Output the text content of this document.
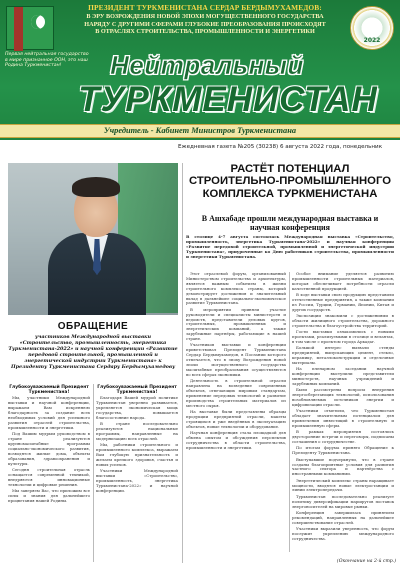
2022
ПРЕЗИДЕНТ ТУРКМЕНИСТАНА СЕРДАР БЕРДЫМУХАМЕДОВ:
В ЭРУ ВОЗРОЖДЕНИЯ НОВОЙ ЭПОХИ МОГУЩЕСТВЕННОГО ГОСУДАРСТВА
НАРЯДУ С ДРУГИМИ СФЕРАМИ ГЛУБОКИЕ ПРЕОБРАЗОВАНИЯ ПРОИСХОДЯТ
В ОТРАСЛЯХ СТРОИТЕЛЬСТВА, ПРОМЫШЛЕННОСТИ И ЭНЕРГЕТИКИ
Первая нейтральная государство в мире признанное ООН, это наш Родина Туркменистан!	Нейтральный
ТУРКМЕНИСТАН
Учредитель - Кабинет Министров Туркменистана
Ежедневная газета №205 (30238) 6 августа 2022 года, понедельник
РАСТЁТ ПОТЕНЦИАЛ СТРОИТЕЛЬНО-ПРОМЫШЛЕННОГО КОМПЛЕКСА ТУРКМЕНИСТАНА
В Ашхабаде прошли международная выставка и научная конференция
В столице 4-7 августа состоялась Международная выставка «Строительство, промышленность, энергетика Туркменистана-2022» и научная конференция «Развитие передовой строительной, промышленной и энергетической индустрии Туркменистана», приуроченные ко Дню работников строительства, промышленности и энергетики Туркменистана.

Этот отраслевой форум, организованный Министерством строительства и архитектуры, является важным событием в жизни строительного комплекса страны, который демонстрирует достижения и значительный вклад в дальнейшее социально-экономическое развитие Туркменистана.

В мероприятии приняли участие руководители и специалисты министерств и ведомств, представители деловых кругов, строительных, промышленных и энергетических компаний, а также зарубежные партнёры, работающие в нашей стране.

Участников выставки и конференции приветствовал Президент Туркменистана Сердар Бердымухамедов, в Послании которого отмечается, что в эпоху Возрождения новой эпохи могущественного государства масштабные преобразования осуществляются во всех сферах экономики.

Деятельность в строительной отрасли направлена на возведение современных объектов, отвечающих мировым стандартам, применение передовых технологий и развитие производства строительных материалов из местного сырья.

На выставке были представлены образцы продукции предприятий отрасли, макеты строящихся и уже введённых в эксплуатацию объектов, новые технологии и оборудование.

Научная конференция стала площадкой для обмена опытом и обсуждения перспектив сотрудничества в области строительства, промышленности и энергетики.

Особое внимание уделяется развитию промышленности строительных материалов, которая обеспечивает потребности отрасли качественной продукцией.

В ходе выставки свою продукцию представили отечественные предприятия, а также компании из России, Турции, Германии, Японии, Китая и других государств.

Экспозиции знакомили с достижениями в области жилищного строительства, дорожного строительства и благоустройства территорий.

Гости выставки ознакомились с новыми проектами, реализуемыми в столице и велаятах, в том числе с проектом города Аркадаг.

Большой интерес вызвали стенды предприятий, выпускающих цемент, стекло, керамику, металлоконструкции и отделочные материалы.

На пленарном заседании научной конференции выступили представители министерств, научных учреждений и зарубежных компаний.

Были рассмотрены вопросы внедрения энергосберегающих технологий, использования возобновляемых источников энергии и цифровизации отрасли.

Участники отметили, что Туркменистан обладает значительным потенциалом для привлечения инвестиций в строительную и промышленную сферы.

В рамках мероприятия состоялись двусторонние встречи и переговоры, подписаны соглашения о сотрудничестве.

По итогам форума принято Обращение к Президенту Туркменистана.

Выступавшие подчеркнули, что в стране созданы благоприятные условия для развития частного сектора и партнёрства с иностранными компаниями.

Энергетический комплекс страны наращивает мощности, вводятся новые электростанции и линии электропередачи.

Туркменистан последовательно реализует политику диверсификации маршрутов поставок энергоносителей на мировые рынки.

Конференция завершилась принятием рекомендаций, направленных на дальнейшее совершенствование отраслей.

Участники выразили уверенность, что форум послужит укреплению международного сотрудничества.

(Окончание на 2-й стр.)
ОБРАЩЕНИЕ
участников Международной выставки «Строительство, промышленность, энергетика Туркменистана-2022» и научной конференции «Развитие передовой строительной, промышленной и энергетической индустрии Туркменистана» к Президенту Туркменистана Сердару Бердымухамедову

Глубокоуважаемый Президент Туркменистана!

Мы, участники Международной выставки и научной конференции, выражаем Вам искреннюю благодарность за создание всех необходимых условий для успешного развития отраслей строительства, промышленности и энергетики.

Под Вашим мудрым руководством в стране реализуются крупномасштабные программы социально-экономического развития, возводятся жилые дома, объекты образования, здравоохранения и культуры.

Сегодня строительная отрасль оснащается современной техникой, внедряются инновационные технологии и цифровые решения.

Мы заверяем Вас, что приложим все силы и знания для дальнейшего процветания нашей Родины.

Глубокоуважаемый Президент Туркменистана!

Благодаря Вашей мудрой политике Туркменистан уверенно развивается, укрепляется экономическая мощь государства, повышается благосостояние народа.

В стране последовательно реализуются национальные программы, направленные на модернизацию всех отраслей.

Мы, работники строительного и промышленного комплекса, выражаем Вам глубокую признательность и желаем крепкого здоровья, счастья и новых успехов.

Участники Международной выставки «Строительство, промышленность, энергетика Туркменистана-2022» и научной конференции.
